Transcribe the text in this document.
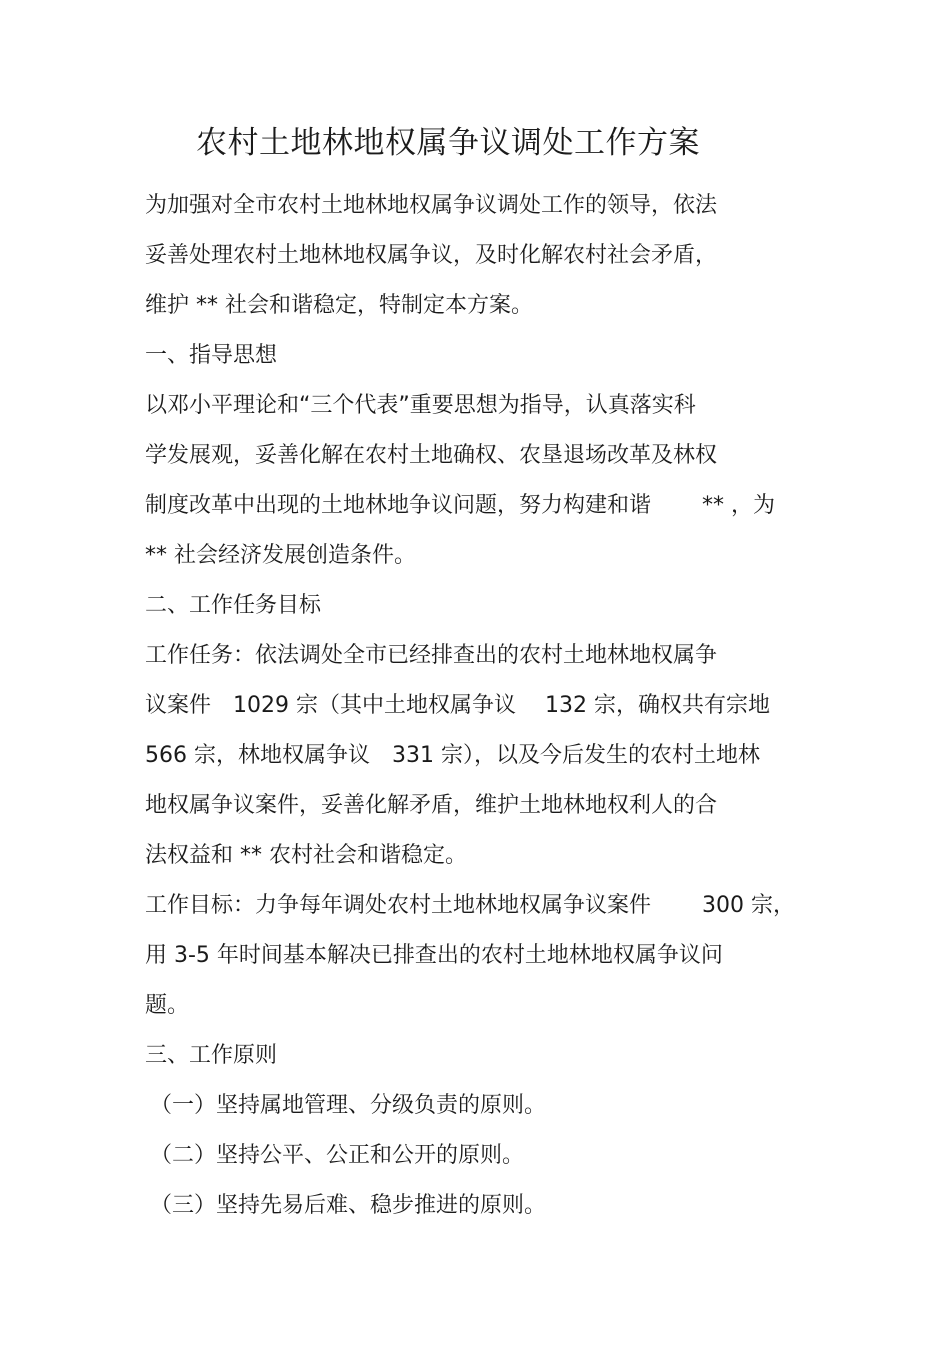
农村土地林地权属争议调处工作方案
为加强对全市农村土地林地权属争议调处工作的领导，依法
妥善处理农村土地林地权属争议，及时化解农村社会矛盾，
维护 ** 社会和谐稳定，特制定本方案。
一、指导思想
以邓小平理论和“三个代表”重要思想为指导，认真落实科
学发展观，妥善化解在农村土地确权、农垦退场改革及林权
制度改革中出现的土地林地争议问题，努力构建和谐　　 ** ，为
** 社会经济发展创造条件。
二、工作任务目标
工作任务：依法调处全市已经排查出的农村土地林地权属争
议案件　1029 宗（其中土地权属争议　 132 宗，确权共有宗地
566 宗，林地权属争议　331 宗），以及今后发生的农村土地林
地权属争议案件，妥善化解矛盾，维护土地林地权利人的合
法权益和 ** 农村社会和谐稳定。
工作目标：力争每年调处农村土地林地权属争议案件　　 300 宗，
用 3-5 年时间基本解决已排查出的农村土地林地权属争议问
题。
三、工作原则
（一）坚持属地管理、分级负责的原则。
（二）坚持公平、公正和公开的原则。
（三）坚持先易后难、稳步推进的原则。
